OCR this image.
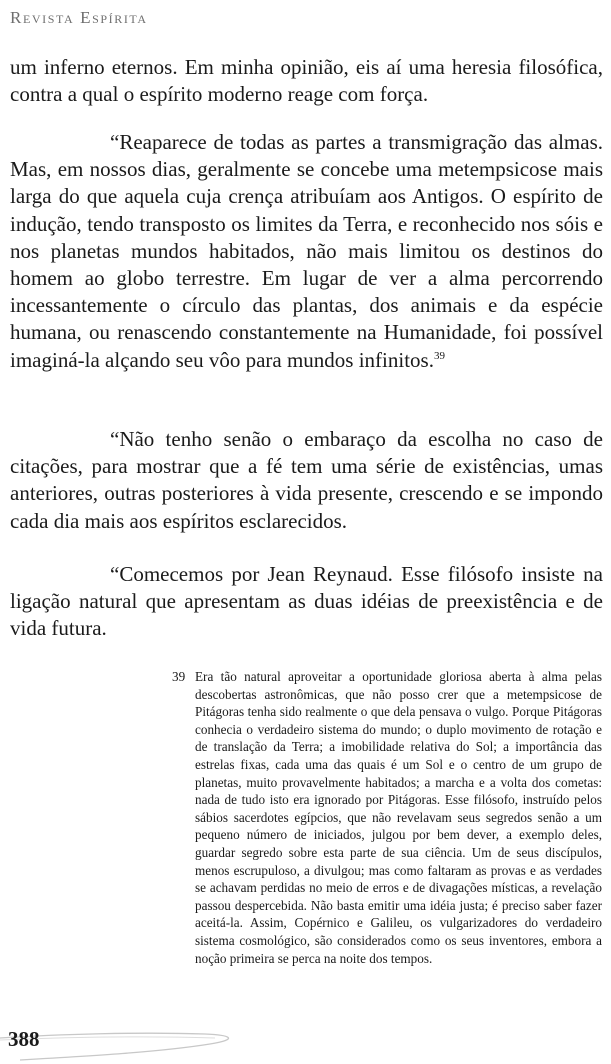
Revista Espírita

um inferno eternos. Em minha opinião, eis aí uma heresia filosófica, contra a qual o espírito moderno reage com força.

“Reaparece de todas as partes a transmigração das almas. Mas, em nossos dias, geralmente se concebe uma metempsicose mais larga do que aquela cuja crença atribuíam aos Antigos. O espírito de indução, tendo transposto os limites da Terra, e reconhecido nos sóis e nos planetas mundos habitados, não mais limitou os destinos do homem ao globo terrestre. Em lugar de ver a alma percorrendo incessantemente o círculo das plantas, dos animais e da espécie humana, ou renascendo constantemente na Humanidade, foi possível imaginá-la alçando seu vôo para mundos infinitos.$^{39}$

“Não tenho senão o embaraço da escolha no caso de citações, para mostrar que a fé tem uma série de existências, umas anteriores, outras posteriores à vida presente, crescendo e se impondo cada dia mais aos espíritos esclarecidos.

“Comecemos por Jean Reynaud. Esse filósofo insiste na ligação natural que apresentam as duas idéias de preexistência e de vida futura.

39 Era tão natural aproveitar a oportunidade gloriosa aberta à alma pelas descobertas astronômicas, que não posso crer que a metempsicose de Pitágoras tenha sido realmente o que dela pensava o vulgo. Porque Pitágoras conhecia o verdadeiro sistema do mundo; o duplo movimento de rotação e de translação da Terra; a imobilidade relativa do Sol; a importância das estrelas fixas, cada uma das quais é um Sol e o centro de um grupo de planetas, muito provavelmente habitados; a marcha e a volta dos cometas: nada de tudo isto era ignorado por Pitágoras. Esse filósofo, instruído pelos sábios sacerdotes egípcios, que não revelavam seus segredos senão a um pequeno número de iniciados, julgou por bem dever, a exemplo deles, guardar segredo sobre esta parte de sua ciência. Um de seus discípulos, menos escrupuloso, a divulgou; mas como faltaram as provas e as verdades se achavam perdidas no meio de erros e de divagações místicas, a revelação passou despercebida. Não basta emitir uma idéia justa; é preciso saber fazer aceitá-la. Assim, Copérnico e Galileu, os vulgarizadores do verdadeiro sistema cosmológico, são considerados como os seus inventores, embora a noção primeira se perca na noite dos tempos.
388
